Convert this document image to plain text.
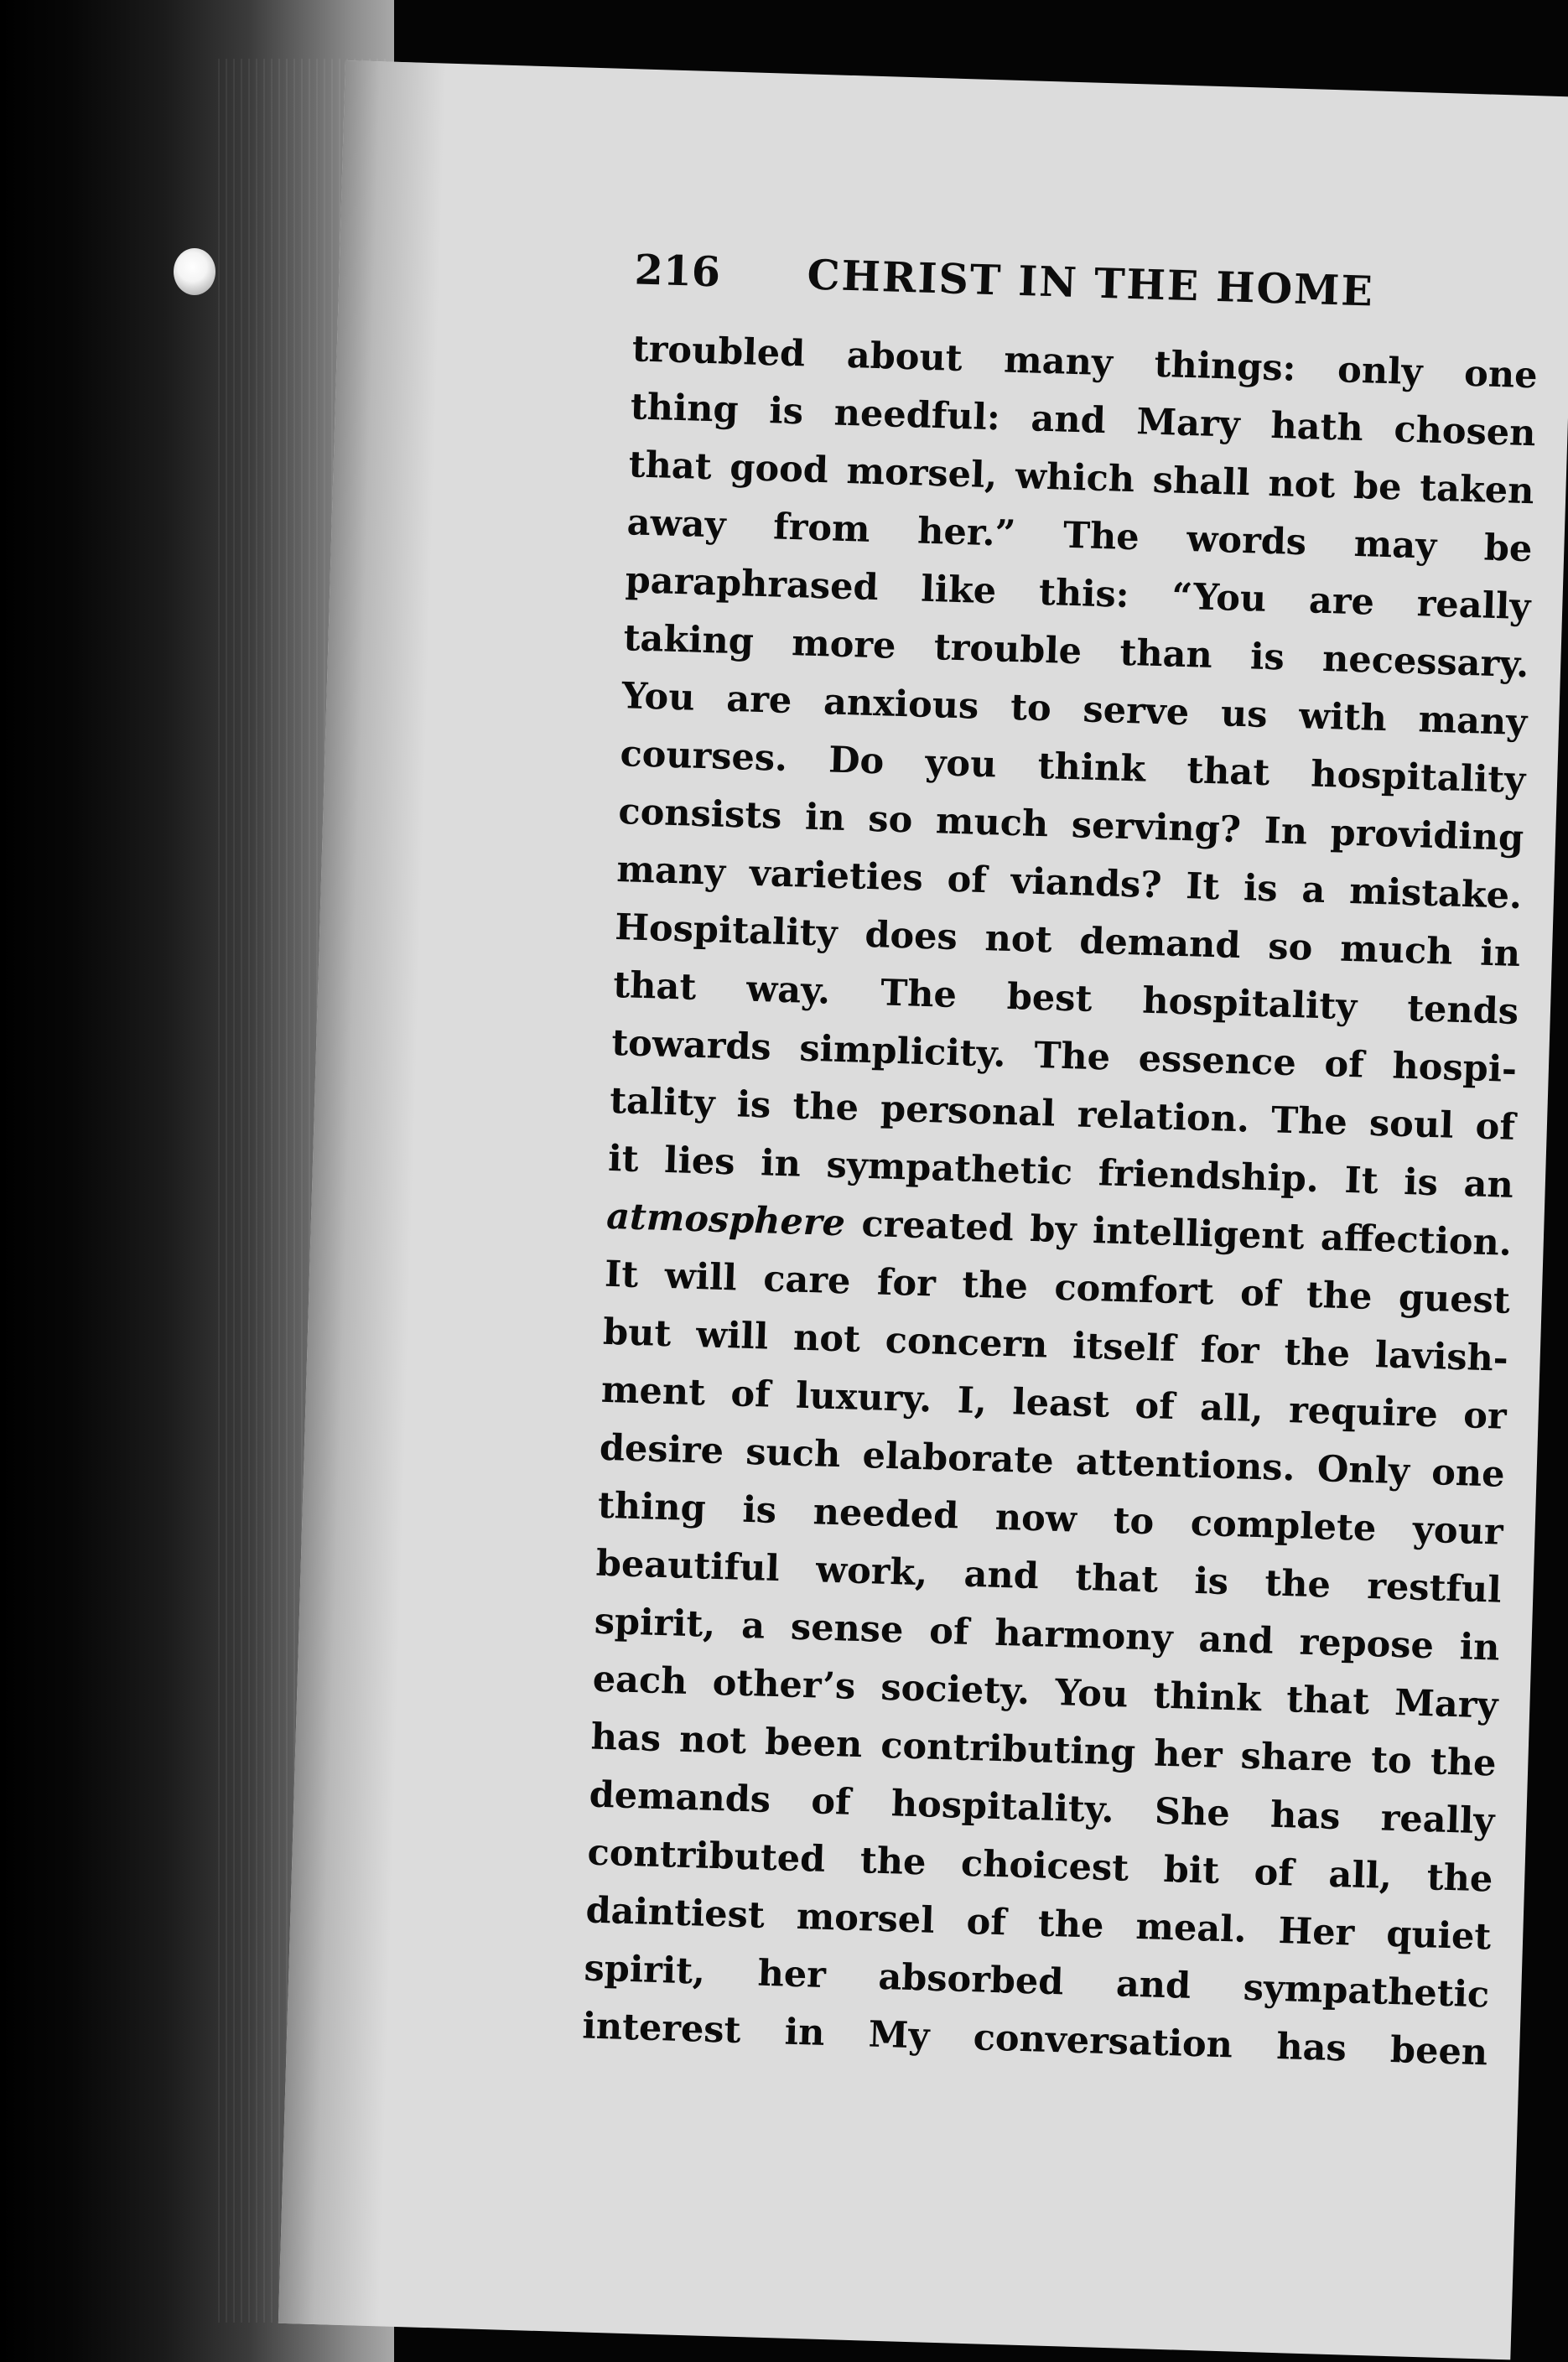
216 CHRIST IN THE HOME
troubled about many things: only one
thing is needful: and Mary hath chosen
that good morsel, which shall not be taken
away from her.” The words may be
paraphrased like this: “You are really
taking more trouble than is necessary.
You are anxious to serve us with many
courses. Do you think that hospitality
consists in so much serving? In providing
many varieties of viands? It is a mistake.
Hospitality does not demand so much in
that way. The best hospitality tends
towards simplicity. The essence of hospi-
tality is the personal relation. The soul of
it lies in sympathetic friendship. It is an
atmosphere created by intelligent affection.
It will care for the comfort of the guest
but will not concern itself for the lavish-
ment of luxury. I, least of all, require or
desire such elaborate attentions. Only one
thing is needed now to complete your
beautiful work, and that is the restful
spirit, a sense of harmony and repose in
each other’s society. You think that Mary
has not been contributing her share to the
demands of hospitality. She has really
contributed the choicest bit of all, the
daintiest morsel of the meal. Her quiet
spirit, her absorbed and sympathetic
interest in My conversation has been
